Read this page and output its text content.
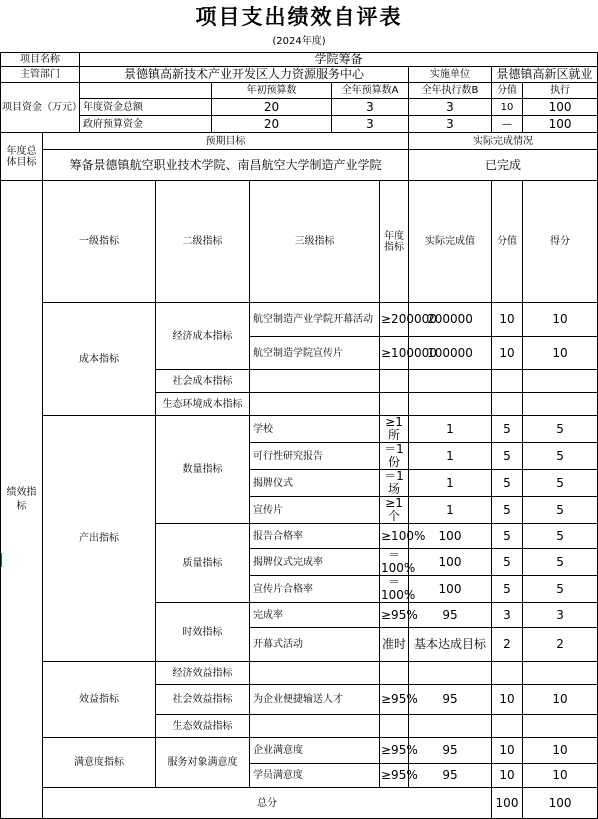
项目支出绩效自评表
(2024年度)
项目名称		学院筹备									
主管部门		景德镇高新技术产业开发区人力资源服务中心						实施单位	景德镇高新区就业		
项目资金（万元）				年初预算数		全年预算数A		全年执行数B	分值	执行	
		年度资金总额		20		3		3	10	100	
		政府预算资金		20		3		3	—	100	
年度总体目标	预期目标							实际完成情况			
	筹备景德镇航空职业技术学院、南昌航空大学制造产业学院							已完成			
绩效指标	一级指标		二级指标		三级指标		年度指标	实际完成值	分值	得分	
	成本指标		经济成本指标		航空制造产业学院开幕活动		≥200000	200000	10	10	
					航空制造学院宣传片		≥100000	100000	10	10	
			社会成本指标								
			生态环境成本指标								
	产出指标		数量指标		学校		≥1所	1	5	5	
					可行性研究报告		＝1份	1	5	5	
					揭牌仪式		＝1场	1	5	5	
					宣传片		≥1个	1	5	5	
			质量指标		报告合格率		≥100%	100	5	5	
					揭牌仪式完成率		＝100%	100	5	5	
					宣传片合格率		＝100%	100	5	5	
			时效指标		完成率		≥95%	95	3	3	
					开幕式活动		准时	基本达成目标	2	2	
	效益指标		经济效益指标								
			社会效益指标		为企业便捷输送人才		≥95%	95	10	10	
			生态效益指标								
	满意度指标		服务对象满意度		企业满意度		≥95%	95	10	10	
					学员满意度		≥95%	95	10	10	
	总分								100	100	
